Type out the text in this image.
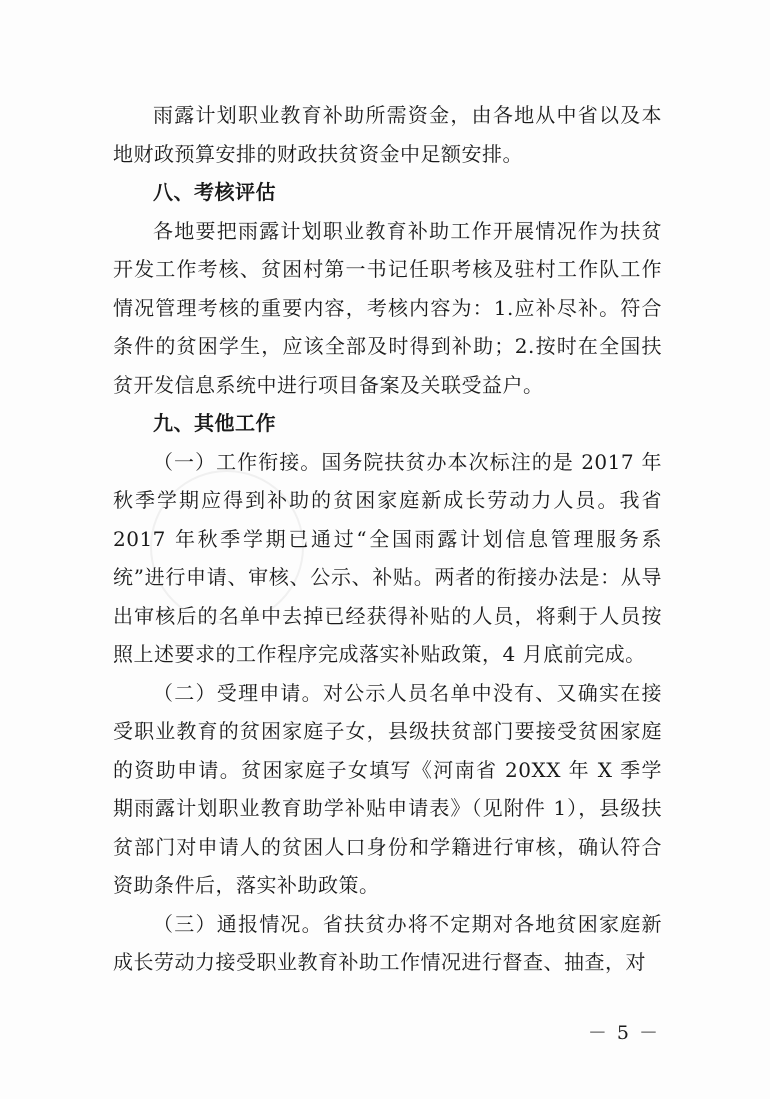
雨露计划职业教育补助所需资金，由各地从中省以及本地财政预算安排的财政扶贫资金中足额安排。

八、考核评估

各地要把雨露计划职业教育补助工作开展情况作为扶贫开发工作考核、贫困村第一书记任职考核及驻村工作队工作情况管理考核的重要内容，考核内容为：1.应补尽补。符合条件的贫困学生，应该全部及时得到补助；2.按时在全国扶贫开发信息系统中进行项目备案及关联受益户。

九、其他工作

（一）工作衔接。国务院扶贫办本次标注的是 2017 年秋季学期应得到补助的贫困家庭新成长劳动力人员。我省2017 年秋季学期已通过“全国雨露计划信息管理服务系统”进行申请、审核、公示、补贴。两者的衔接办法是：从导出审核后的名单中去掉已经获得补贴的人员，将剩于人员按照上述要求的工作程序完成落实补贴政策，4 月底前完成。

（二）受理申请。对公示人员名单中没有、又确实在接受职业教育的贫困家庭子女，县级扶贫部门要接受贫困家庭的资助申请。贫困家庭子女填写《河南省 20XX 年 X 季学期雨露计划职业教育助学补贴申请表》（见附件 1），县级扶贫部门对申请人的贫困人口身份和学籍进行审核，确认符合资助条件后，落实补助政策。

（三）通报情况。省扶贫办将不定期对各地贫困家庭新成长劳动力接受职业教育补助工作情况进行督查、抽查，对

－ 5 －
